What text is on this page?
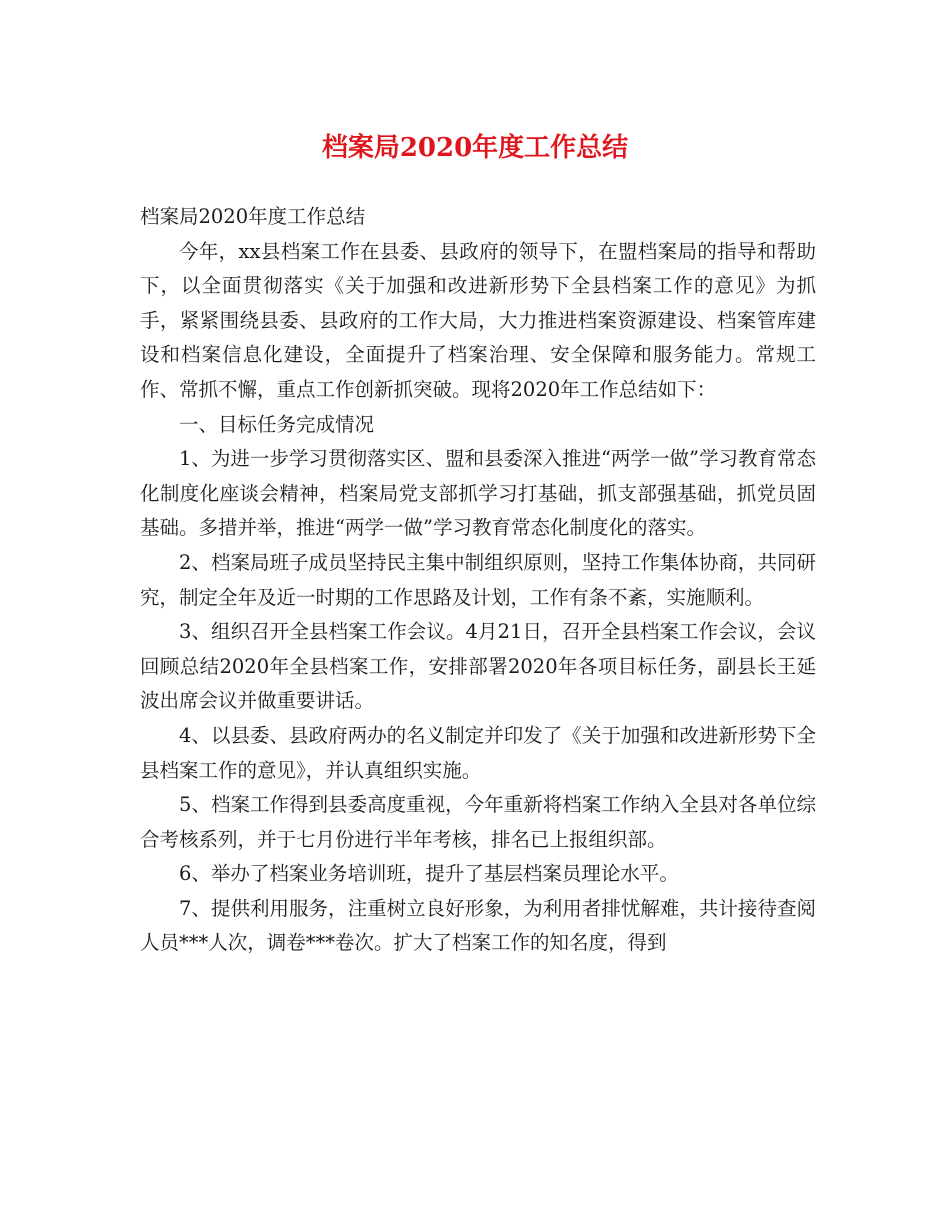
档案局2020年度工作总结

档案局2020年度工作总结

今年，xx县档案工作在县委、县政府的领导下，在盟档案局的指导和帮助下，以全面贯彻落实《关于加强和改进新形势下全县档案工作的意见》为抓手，紧紧围绕县委、县政府的工作大局，大力推进档案资源建设、档案管库建设和档案信息化建设，全面提升了档案治理、安全保障和服务能力。常规工作、常抓不懈，重点工作创新抓突破。现将2020年工作总结如下：

一、目标任务完成情况

1、为进一步学习贯彻落实区、盟和县委深入推进“两学一做”学习教育常态化制度化座谈会精神，档案局党支部抓学习打基础，抓支部强基础，抓党员固基础。多措并举，推进“两学一做”学习教育常态化制度化的落实。

2、档案局班子成员坚持民主集中制组织原则，坚持工作集体协商，共同研究，制定全年及近一时期的工作思路及计划，工作有条不紊，实施顺利。

3、组织召开全县档案工作会议。4月21日，召开全县档案工作会议，会议回顾总结2020年全县档案工作，安排部署2020年各项目标任务，副县长王延波出席会议并做重要讲话。

4、以县委、县政府两办的名义制定并印发了《关于加强和改进新形势下全县档案工作的意见》，并认真组织实施。

5、档案工作得到县委高度重视，今年重新将档案工作纳入全县对各单位综合考核系列，并于七月份进行半年考核，排名已上报组织部。

6、举办了档案业务培训班，提升了基层档案员理论水平。

7、提供利用服务，注重树立良好形象，为利用者排忧解难，共计接待查阅人员***人次，调卷***卷次。扩大了档案工作的知名度，得到
